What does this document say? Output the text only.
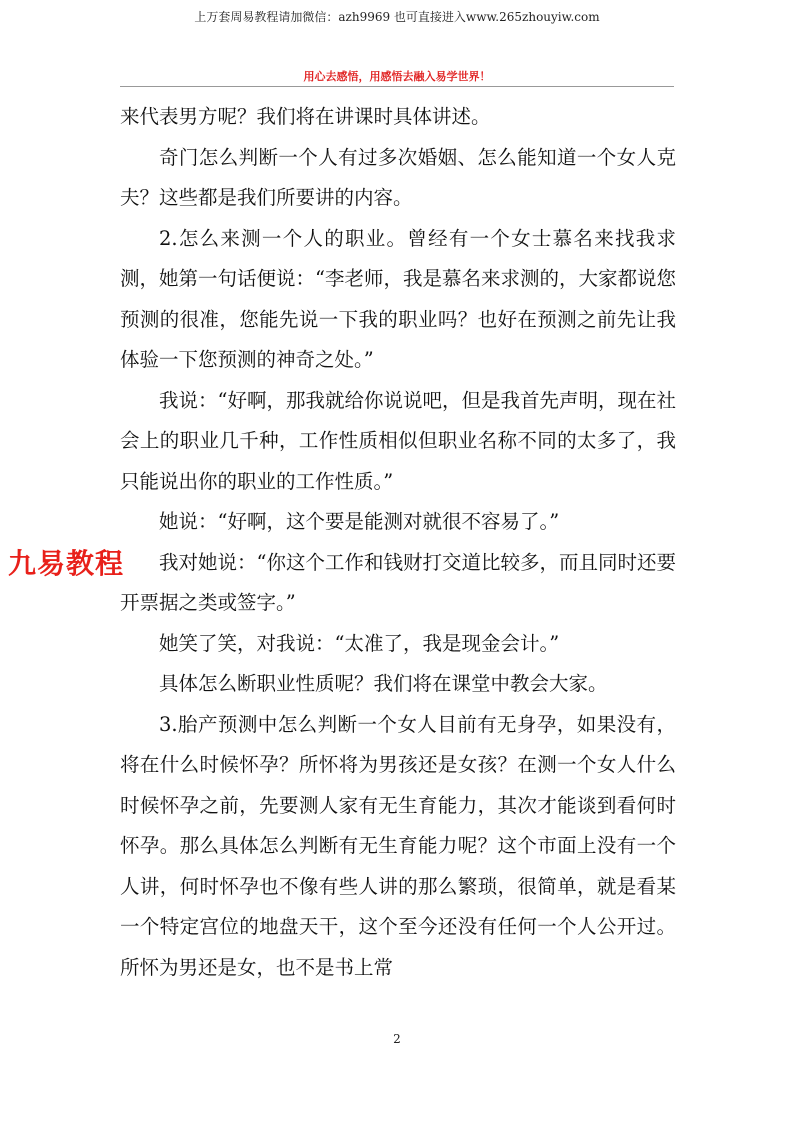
上万套周易教程请加微信：azh9969 也可直接进入www.265zhouyiw.com
用心去感悟，用感悟去融入易学世界！

来代表男方呢？我们将在讲课时具体讲述。

奇门怎么判断一个人有过多次婚姻、怎么能知道一个女人克夫？这些都是我们所要讲的内容。

2.怎么来测一个人的职业。曾经有一个女士慕名来找我求测，她第一句话便说：“李老师，我是慕名来求测的，大家都说您预测的很准，您能先说一下我的职业吗？也好在预测之前先让我体验一下您预测的神奇之处。”

我说：“好啊，那我就给你说说吧，但是我首先声明，现在社会上的职业几千种，工作性质相似但职业名称不同的太多了，我只能说出你的职业的工作性质。”

她说：“好啊，这个要是能测对就很不容易了。”

我对她说：“你这个工作和钱财打交道比较多，而且同时还要开票据之类或签字。”

她笑了笑，对我说：“太准了，我是现金会计。”

具体怎么断职业性质呢？我们将在课堂中教会大家。

3.胎产预测中怎么判断一个女人目前有无身孕，如果没有，将在什么时候怀孕？所怀将为男孩还是女孩？在测一个女人什么时候怀孕之前，先要测人家有无生育能力，其次才能谈到看何时怀孕。那么具体怎么判断有无生育能力呢？这个市面上没有一个人讲，何时怀孕也不像有些人讲的那么繁琐，很简单，就是看某一个特定宫位的地盘天干，这个至今还没有任何一个人公开过。所怀为男还是女，也不是书上常

九易教程
2
